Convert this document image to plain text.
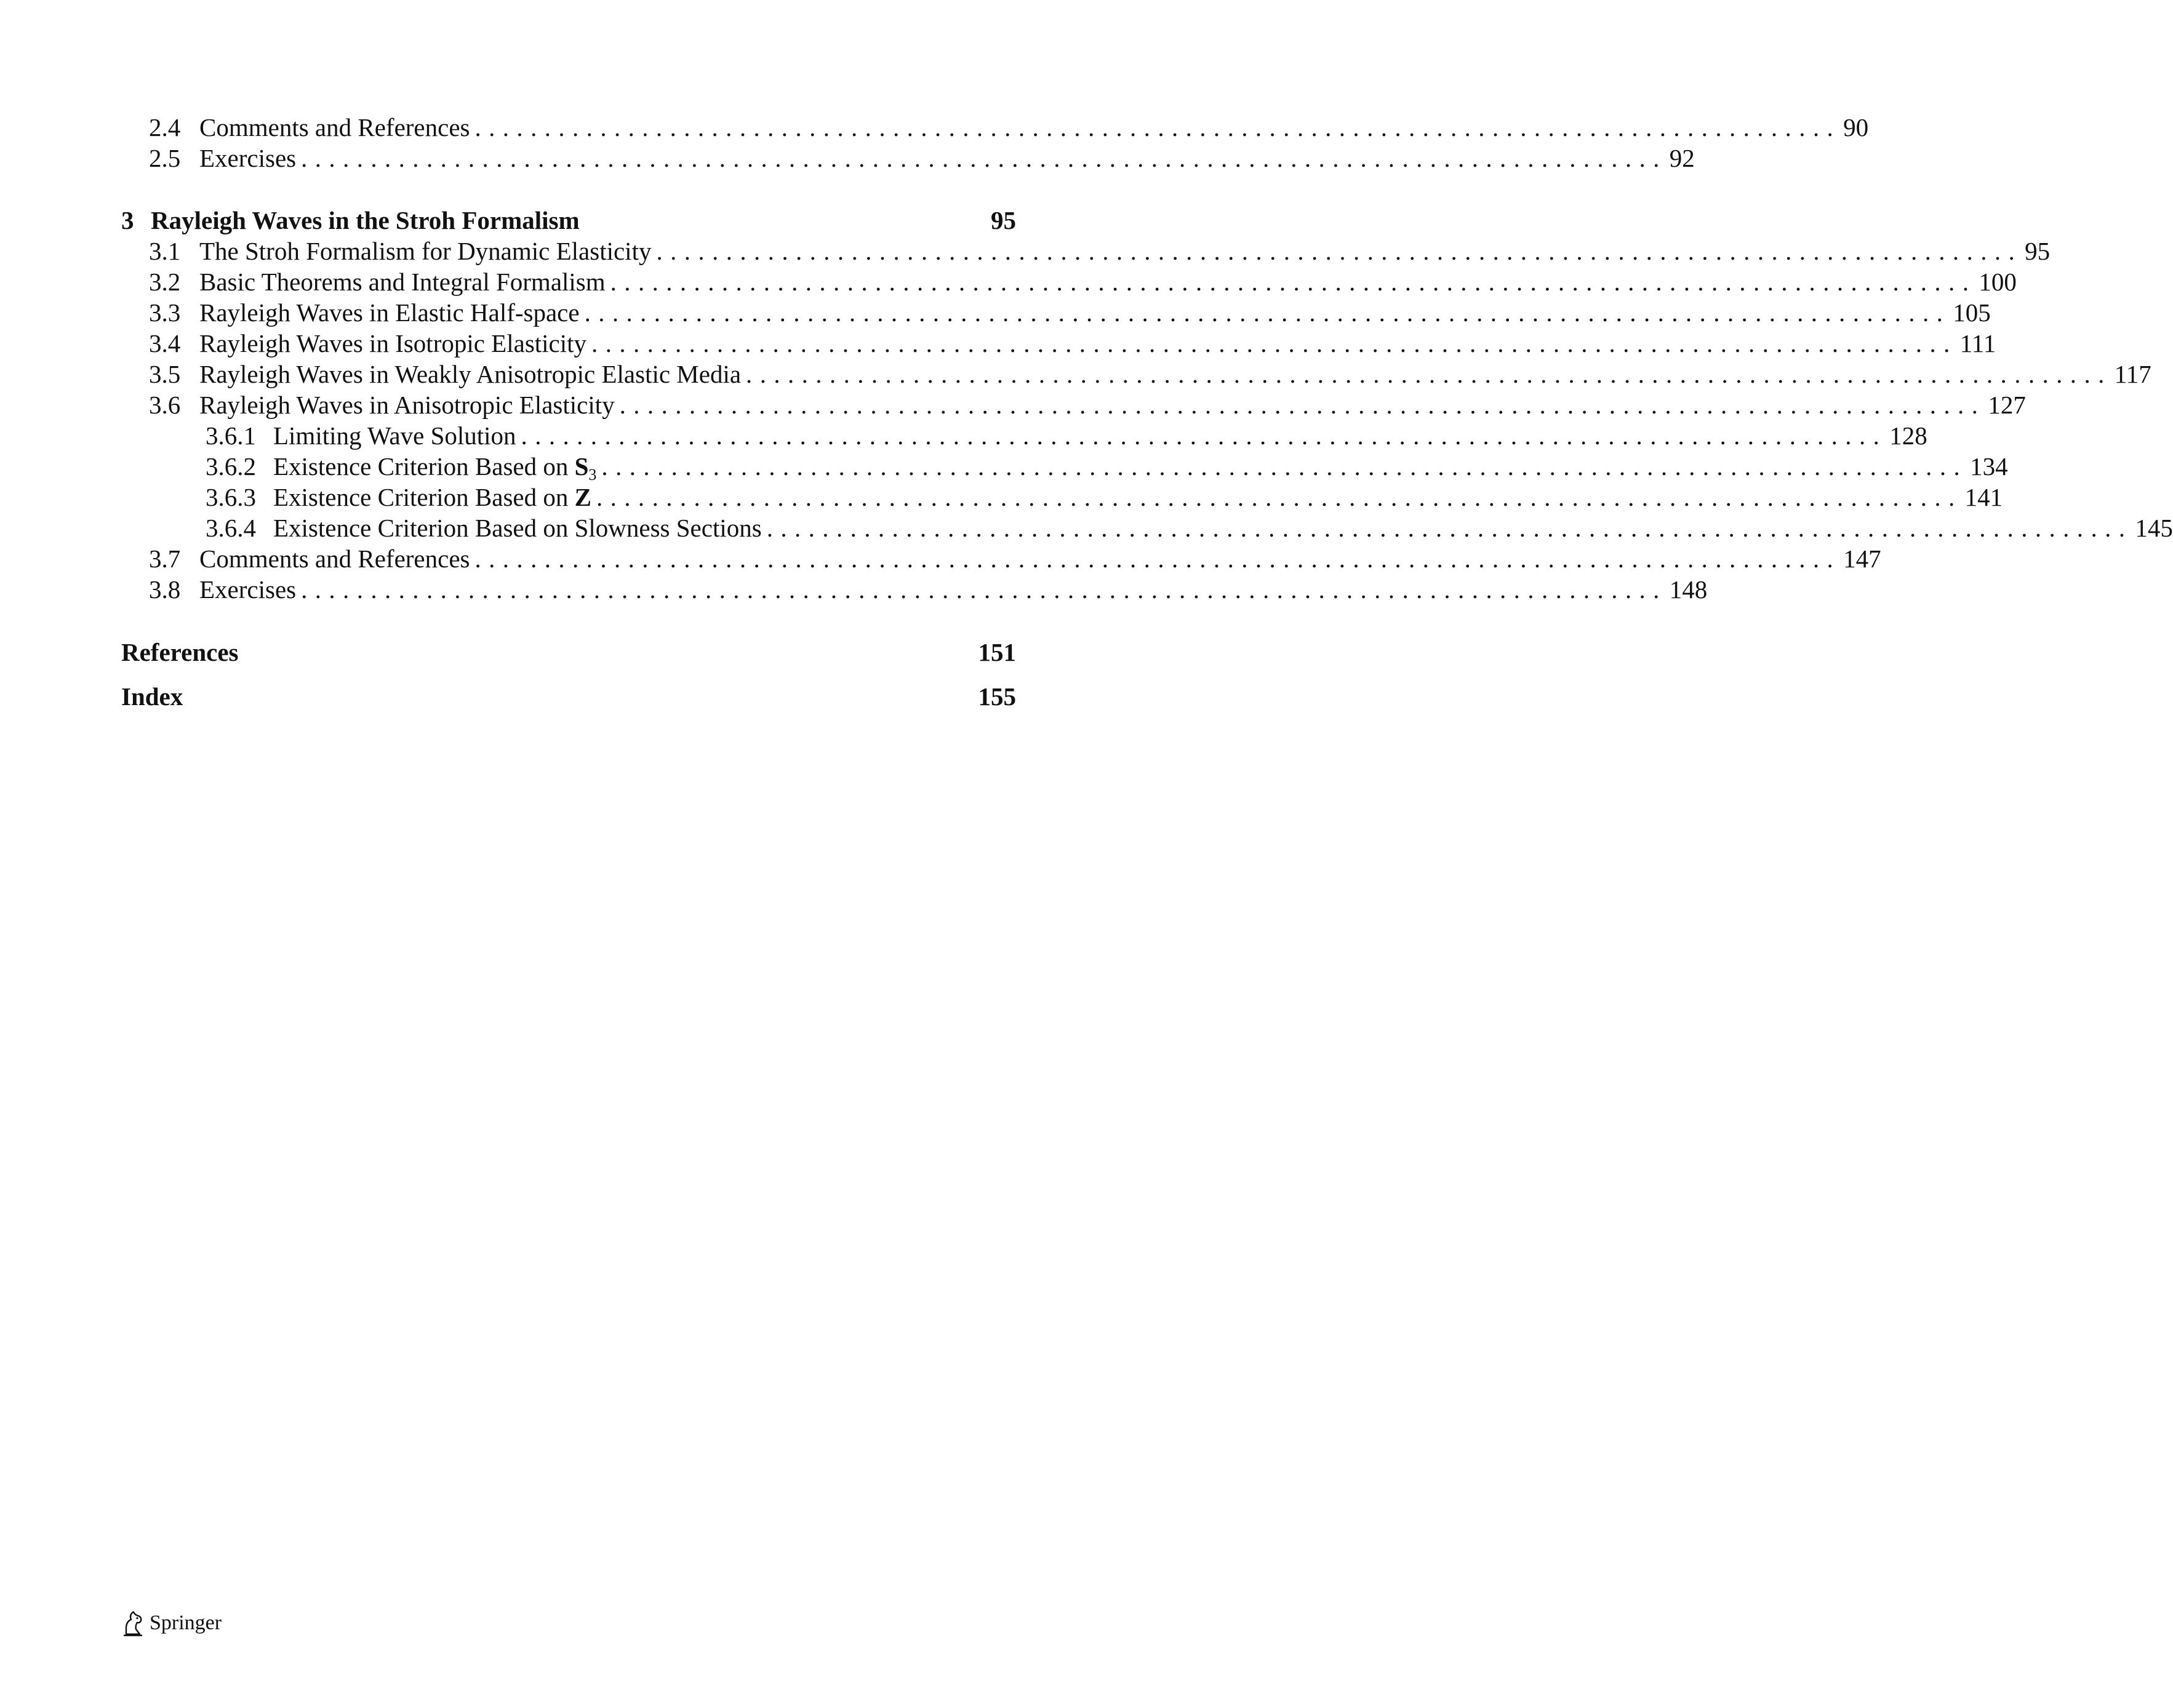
2.4 Comments and References .................................................................................................. 90
2.5 Exercises .................................................................................................. 92
3 Rayleigh Waves in the Stroh Formalism	95
3.1 The Stroh Formalism for Dynamic Elasticity .................................................................................................. 95
3.2 Basic Theorems and Integral Formalism .................................................................................................. 100
3.3 Rayleigh Waves in Elastic Half-space .................................................................................................. 105
3.4 Rayleigh Waves in Isotropic Elasticity .................................................................................................. 111
3.5 Rayleigh Waves in Weakly Anisotropic Elastic Media .................................................................................................. 117
3.6 Rayleigh Waves in Anisotropic Elasticity .................................................................................................. 127
3.6.1 Limiting Wave Solution .................................................................................................. 128
3.6.2 Existence Criterion Based on $S_3$ .................................................................................................. 134
3.6.3 Existence Criterion Based on Z .................................................................................................. 141
3.6.4 Existence Criterion Based on Slowness Sections .................................................................................................. 145
3.7 Comments and References .................................................................................................. 147
3.8 Exercises .................................................................................................. 148
References	151
Index	155
Springer
